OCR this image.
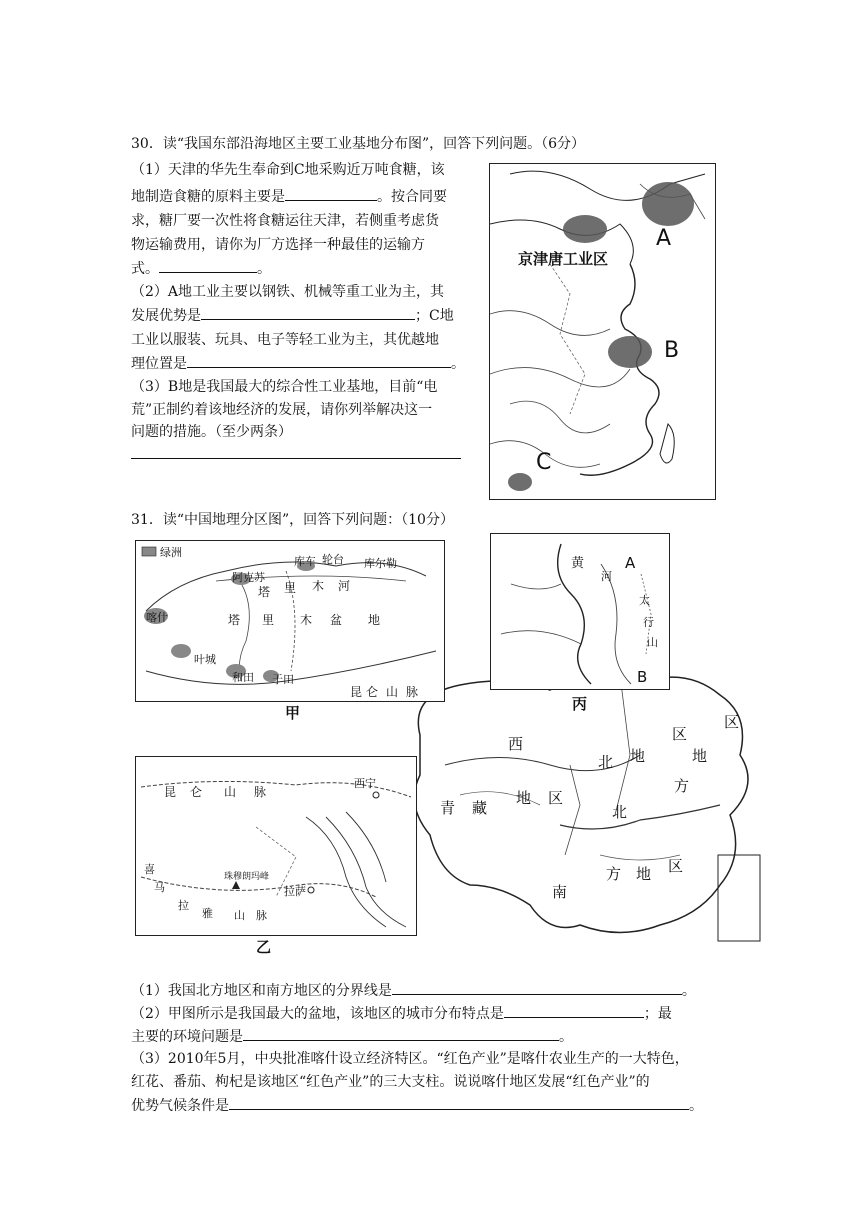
30．读“我国东部沿海地区主要工业基地分布图”，回答下列问题。（6分）
（1）天津的华先生奉命到C地采购近万吨食糖，该
地制造食糖的原料主要是	。按合同要
求，糖厂要一次性将食糖运往天津，若侧重考虑货
物运输费用，请你为厂方选择一种最佳的运输方
式。	。
（2）A地工业主要以钢铁、机械等重工业为主，其
发展优势是	；C地
工业以服装、玩具、电子等轻工业为主，其优越地
理位置是	。
（3）B地是我国最大的综合性工业基地，目前“电
荒”正制约着该地经济的发展，请你列举解决这一
问题的措施。（至少两条）
京津唐工业区
A
B
C
31．读“中国地理分区图”，回答下列问题：（10分）
西
北 地
区
青 藏
地 区
北
方
地
区
南
方 地 区
绿洲
库车 轮台 库尔勒
阿克苏
塔 里 木 河
塔 里 木 盆 地
喀什
叶城
和田 于田
昆 仑 山 脉
甲
黄
河
A
太
行
山
B
丙
昆 仑 山 脉
西宁
拉萨
珠穆朗玛峰
喜
马
拉
雅 山 脉
乙
（1）我国北方地区和南方地区的分界线是	。
（2）甲图所示是我国最大的盆地，该地区的城市分布特点是	；最
主要的环境问题是	。
（3）2010年5月，中央批准喀什设立经济特区。“红色产业”是喀什农业生产的一大特色，
红花、番茄、枸杞是该地区“红色产业”的三大支柱。说说喀什地区发展“红色产业”的
优势气候条件是	。
